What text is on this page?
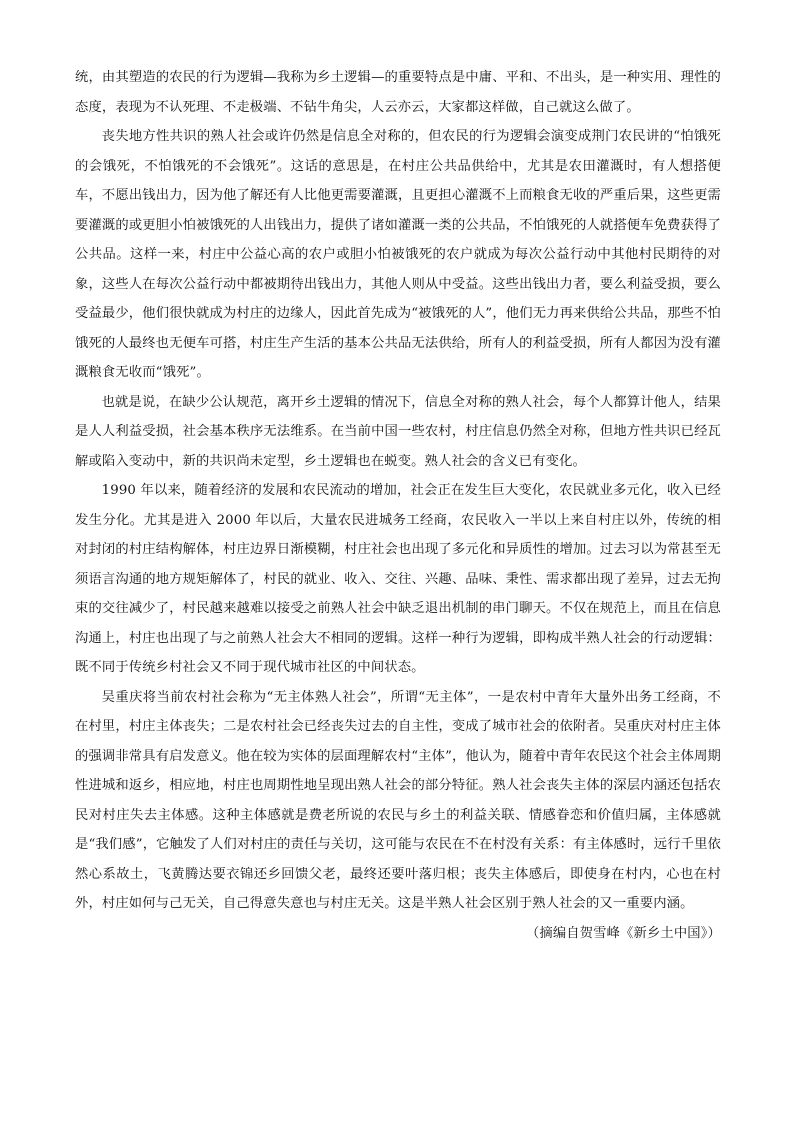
统，由其塑造的农民的行为逻辑—我称为乡土逻辑—的重要特点是中庸、平和、不出头，是一种实用、理性的态度，表现为不认死理、不走极端、不钻牛角尖，人云亦云，大家都这样做，自己就这么做了。

丧失地方性共识的熟人社会或许仍然是信息全对称的，但农民的行为逻辑会演变成荆门农民讲的“怕饿死的会饿死，不怕饿死的不会饿死”。这话的意思是，在村庄公共品供给中，尤其是农田灌溉时，有人想搭便车，不愿出钱出力，因为他了解还有人比他更需要灌溉，且更担心灌溉不上而粮食无收的严重后果，这些更需要灌溉的或更胆小怕被饿死的人出钱出力，提供了诸如灌溉一类的公共品，不怕饿死的人就搭便车免费获得了公共品。这样一来，村庄中公益心高的农户或胆小怕被饿死的农户就成为每次公益行动中其他村民期待的对象，这些人在每次公益行动中都被期待出钱出力，其他人则从中受益。这些出钱出力者，要么利益受损，要么受益最少，他们很快就成为村庄的边缘人，因此首先成为“被饿死的人”，他们无力再来供给公共品，那些不怕饿死的人最终也无便车可搭，村庄生产生活的基本公共品无法供给，所有人的利益受损，所有人都因为没有灌溉粮食无收而“饿死”。

也就是说，在缺少公认规范，离开乡土逻辑的情况下，信息全对称的熟人社会，每个人都算计他人，结果是人人利益受损，社会基本秩序无法维系。在当前中国一些农村，村庄信息仍然全对称，但地方性共识已经瓦解或陷入变动中，新的共识尚未定型，乡土逻辑也在蜕变。熟人社会的含义已有变化。

1990 年以来，随着经济的发展和农民流动的增加，社会正在发生巨大变化，农民就业多元化，收入已经发生分化。尤其是进入 2000 年以后，大量农民进城务工经商，农民收入一半以上来自村庄以外，传统的相对封闭的村庄结构解体，村庄边界日渐模糊，村庄社会也出现了多元化和异质性的增加。过去习以为常甚至无须语言沟通的地方规矩解体了，村民的就业、收入、交往、兴趣、品味、秉性、需求都出现了差异，过去无拘束的交往减少了，村民越来越难以接受之前熟人社会中缺乏退出机制的串门聊天。不仅在规范上，而且在信息沟通上，村庄也出现了与之前熟人社会大不相同的逻辑。这样一种行为逻辑，即构成半熟人社会的行动逻辑：既不同于传统乡村社会又不同于现代城市社区的中间状态。

吴重庆将当前农村社会称为“无主体熟人社会”，所谓“无主体”，一是农村中青年大量外出务工经商，不在村里，村庄主体丧失；二是农村社会已经丧失过去的自主性，变成了城市社会的依附者。吴重庆对村庄主体的强调非常具有启发意义。他在较为实体的层面理解农村“主体”，他认为，随着中青年农民这个社会主体周期性进城和返乡，相应地，村庄也周期性地呈现出熟人社会的部分特征。熟人社会丧失主体的深层内涵还包括农民对村庄失去主体感。这种主体感就是费老所说的农民与乡土的利益关联、情感眷恋和价值归属，主体感就是“我们感”，它触发了人们对村庄的责任与关切，这可能与农民在不在村没有关系：有主体感时，远行千里依然心系故土，飞黄腾达要衣锦还乡回馈父老，最终还要叶落归根；丧失主体感后，即使身在村内，心也在村外，村庄如何与己无关，自己得意失意也与村庄无关。这是半熟人社会区别于熟人社会的又一重要内涵。

（摘编自贺雪峰《新乡土中国》）
